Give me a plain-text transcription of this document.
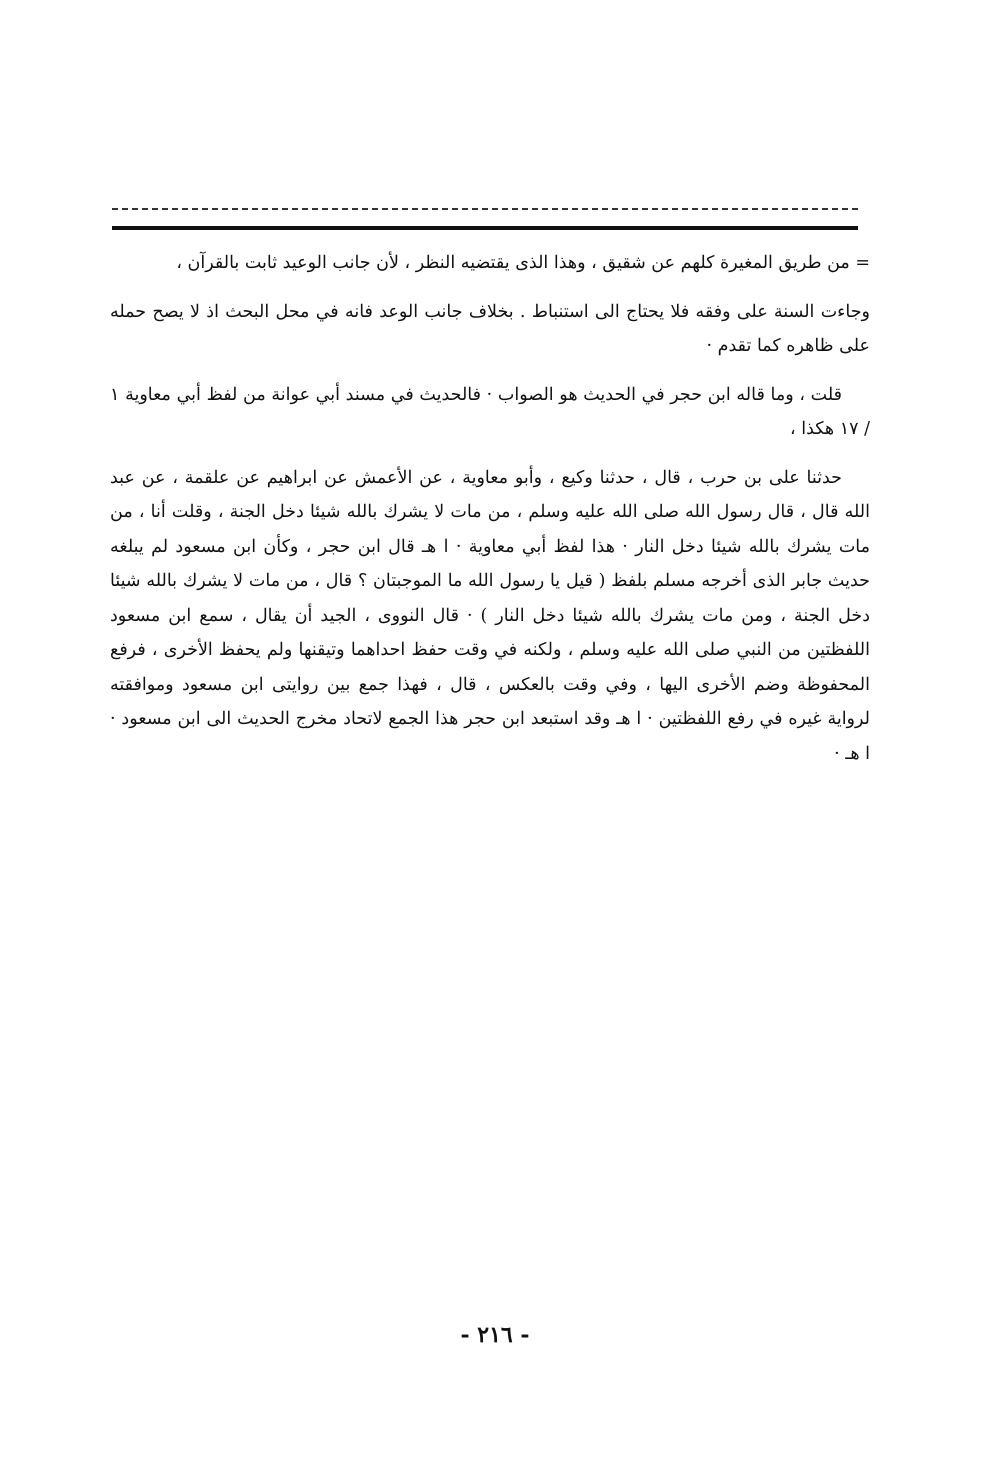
= من طريق المغيرة كلهم عن شقيق ، وهذا الذى يقتضيه النظر ، لأن جانب الوعيد ثابت بالقرآن ،

وجاءت السنة على وفقه فلا يحتاج الى استنباط . بخلاف جانب الوعد فانه في محل البحث اذ لا يصح حمله على ظاهره كما تقدم ·

قلت ، وما قاله ابن حجر في الحديث هو الصواب · فالحديث في مسند أبي عوانة من لفظ أبي معاوية ١ / ١٧ هكذا ،

حدثنا على بن حرب ، قال ، حدثنا وكيع ، وأبو معاوية ، عن الأعمش عن ابراهيم عن علقمة ، عن عبد الله قال ، قال رسول الله صلى الله عليه وسلم ، من مات لا يشرك بالله شيئا دخل الجنة ، وقلت أنا ، من مات يشرك بالله شيئا دخل النار · هذا لفظ أبي معاوية · ا هـ قال ابن حجر ، وكأن ابن مسعود لم يبلغه حديث جابر الذى أخرجه مسلم بلفظ ( قيل يا رسول الله ما الموجبتان ؟ قال ، من مات لا يشرك بالله شيئا دخل الجنة ، ومن مات يشرك بالله شيئا دخل النار ) · قال النووى ، الجيد أن يقال ، سمع ابن مسعود اللفظتين من النبي صلى الله عليه وسلم ، ولكنه في وقت حفظ احداهما وتيقنها ولم يحفظ الأخرى ، فرفع المحفوظة وضم الأخرى اليها ، وفي وقت بالعكس ، قال ، فهذا جمع بين روايتى ابن مسعود وموافقته لرواية غيره في رفع اللفظتين · ا هـ وقد استبعد ابن حجر هذا الجمع لاتحاد مخرج الحديث الى ابن مسعود · ا هـ ·

- ٢١٦ -
